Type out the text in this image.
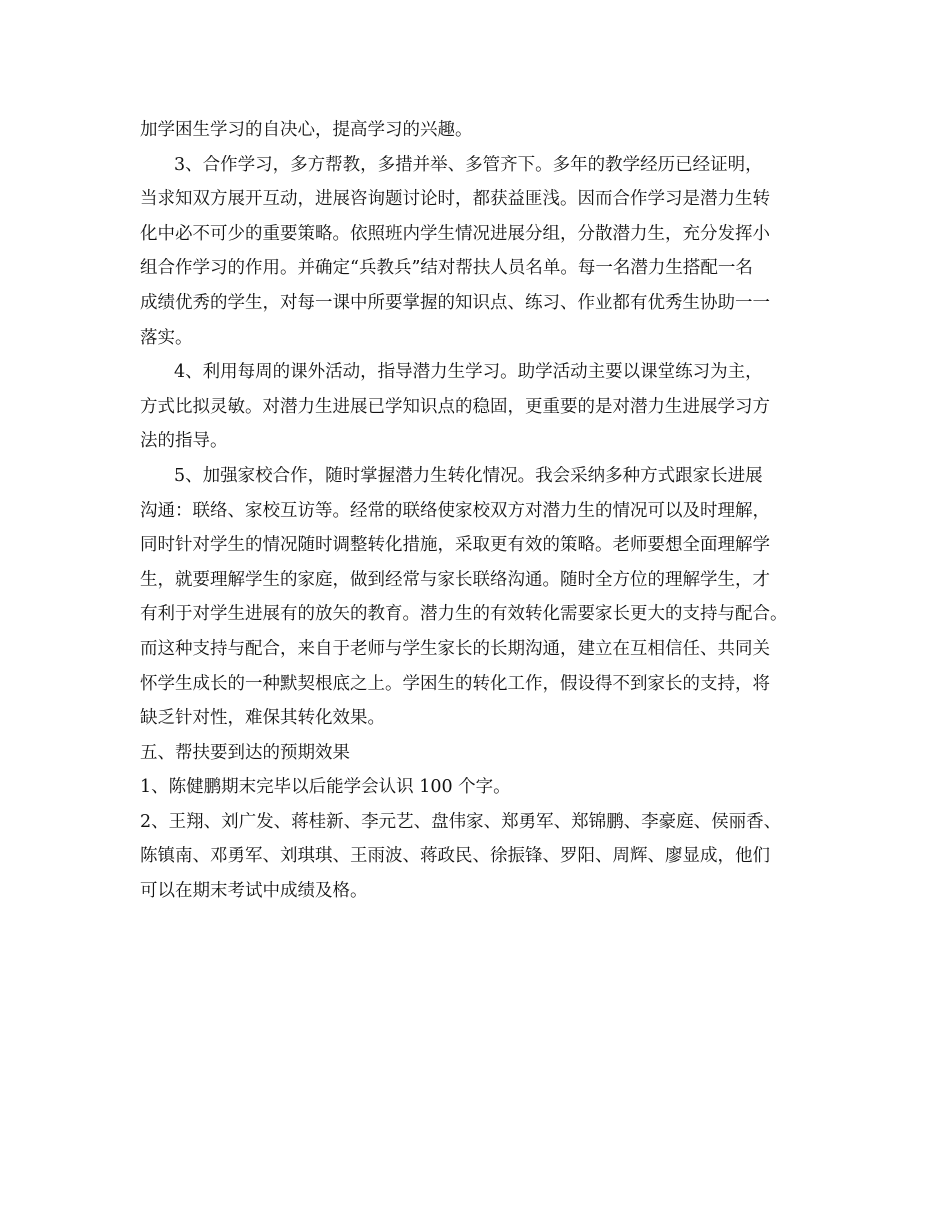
加学困生学习的自决心，提高学习的兴趣。

3、合作学习，多方帮教，多措并举、多管齐下。多年的教学经历已经证明，

当求知双方展开互动，进展咨询题讨论时，都获益匪浅。因而合作学习是潜力生转

化中必不可少的重要策略。依照班内学生情况进展分组，分散潜力生，充分发挥小

组合作学习的作用。并确定“兵教兵”结对帮扶人员名单。每一名潜力生搭配一名

成绩优秀的学生，对每一课中所要掌握的知识点、练习、作业都有优秀生协助一一

落实。

4、利用每周的课外活动，指导潜力生学习。助学活动主要以课堂练习为主，

方式比拟灵敏。对潜力生进展已学知识点的稳固，更重要的是对潜力生进展学习方

法的指导。

5、加强家校合作，随时掌握潜力生转化情况。我会采纳多种方式跟家长进展

沟通：联络、家校互访等。经常的联络使家校双方对潜力生的情况可以及时理解，

同时针对学生的情况随时调整转化措施，采取更有效的策略。老师要想全面理解学

生，就要理解学生的家庭，做到经常与家长联络沟通。随时全方位的理解学生，才

有利于对学生进展有的放矢的教育。潜力生的有效转化需要家长更大的支持与配合。

而这种支持与配合，来自于老师与学生家长的长期沟通，建立在互相信任、共同关

怀学生成长的一种默契根底之上。学困生的转化工作，假设得不到家长的支持，将

缺乏针对性，难保其转化效果。

五、帮扶要到达的预期效果

1、陈健鹏期末完毕以后能学会认识 100 个字。

2、王翔、刘广发、蒋桂新、李元艺、盘伟家、郑勇军、郑锦鹏、李豪庭、侯丽香、

陈镇南、邓勇军、刘琪琪、王雨波、蒋政民、徐振锋、罗阳、周辉、廖显成，他们

可以在期末考试中成绩及格。
